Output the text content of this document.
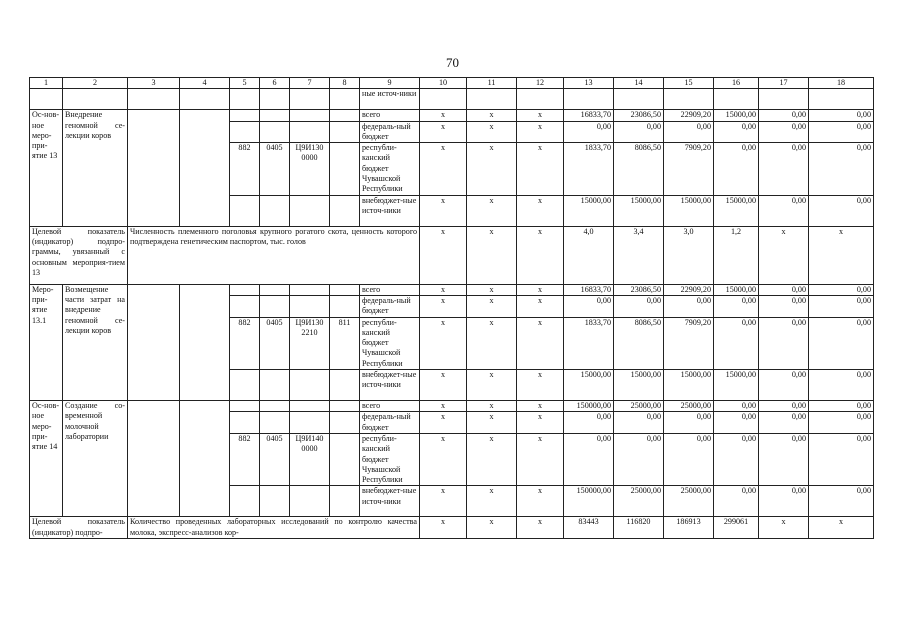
70
1	2	3	4	5	6	7	8	9	10	11	12	13	14	15	16	17	18
								ные источ-ники									
Ос-нов-ное меро-при-ятие 13	Внедрение геномной се-лекции коров							всего	x	x	x	16833,70	23086,50	22909,20	15000,00	0,00	0,00
								федераль-ный бюджет	x	x	x	0,00	0,00	0,00	0,00	0,00	0,00
				882	0405	Ц9И130 0000		республи-канский бюджет Чувашской Республики	x	x	x	1833,70	8086,50	7909,20	0,00	0,00	0,00
								внебюджет-ные источ-ники	x	x	x	15000,00	15000,00	15000,00	15000,00	0,00	0,00
Целевой показатель (индикатор) подпро-граммы, увязанный с основным мероприя-тием 13		Численность племенного поголовья крупного рогатого скота, ценность которого подтверждена генетическим паспортом, тыс. голов							x	x	x	4,0	3,4	3,0	1,2	x	x
Меро-при-ятие 13.1	Возмещение части затрат на внедрение геномной се-лекции коров							всего	x	x	x	16833,70	23086,50	22909,20	15000,00	0,00	0,00
								федераль-ный бюджет	x	x	x	0,00	0,00	0,00	0,00	0,00	0,00
				882	0405	Ц9И130 2210	811	республи-канский бюджет Чувашской Республики	x	x	x	1833,70	8086,50	7909,20	0,00	0,00	0,00
								внебюджет-ные источ-ники	x	x	x	15000,00	15000,00	15000,00	15000,00	0,00	0,00
Ос-нов-ное меро-при-ятие 14	Создание со-временной молочной лаборатории							всего	x	x	x	150000,00	25000,00	25000,00	0,00	0,00	0,00
								федераль-ный бюджет	x	x	x	0,00	0,00	0,00	0,00	0,00	0,00
				882	0405	Ц9И140 0000		республи-канский бюджет Чувашской Республики	x	x	x	0,00	0,00	0,00	0,00	0,00	0,00
								внебюджет-ные источ-ники	x	x	x	150000,00	25000,00	25000,00	0,00	0,00	0,00
Целевой показатель (индикатор) подпро-		Количество проведенных лабораторных исследований по контролю качества молока, экспресс-анализов кор-							x	x	x	83443	116820	186913	299061	x	x
